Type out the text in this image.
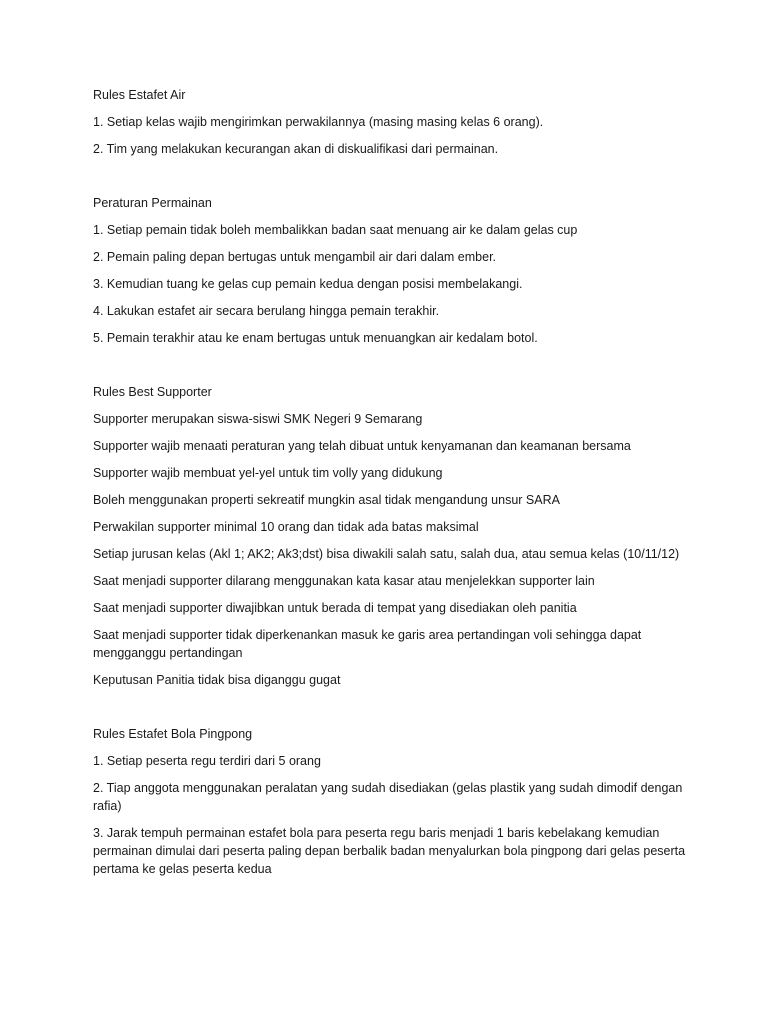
Rules Estafet Air

1. Setiap kelas wajib mengirimkan perwakilannya (masing masing kelas 6 orang).

2. Tim yang melakukan kecurangan akan di diskualifikasi dari permainan.

Peraturan Permainan

1. Setiap pemain tidak boleh membalikkan badan saat menuang air ke dalam gelas cup

2. Pemain paling depan bertugas untuk mengambil air dari dalam ember.

3. Kemudian tuang ke gelas cup pemain kedua dengan posisi membelakangi.

4. Lakukan estafet air secara berulang hingga pemain terakhir.

5. Pemain terakhir atau ke enam bertugas untuk menuangkan air kedalam botol.

Rules Best Supporter

Supporter merupakan siswa-siswi SMK Negeri 9 Semarang

Supporter wajib menaati peraturan yang telah dibuat untuk kenyamanan dan keamanan bersama

Supporter wajib membuat yel-yel untuk tim volly yang didukung

Boleh menggunakan properti sekreatif mungkin asal tidak mengandung unsur SARA

Perwakilan supporter minimal 10 orang dan tidak ada batas maksimal

Setiap jurusan kelas (Akl 1; AK2; Ak3;dst) bisa diwakili salah satu, salah dua, atau semua kelas (10/11/12)

Saat menjadi supporter dilarang menggunakan kata kasar atau menjelekkan supporter lain

Saat menjadi supporter diwajibkan untuk berada di tempat yang disediakan oleh panitia

Saat menjadi supporter tidak diperkenankan masuk ke garis area pertandingan voli sehingga dapat mengganggu pertandingan

Keputusan Panitia tidak bisa diganggu gugat

Rules Estafet Bola Pingpong

1. Setiap peserta regu terdiri dari 5 orang

2. Tiap anggota menggunakan peralatan yang sudah disediakan (gelas plastik yang sudah dimodif dengan rafia)

3. Jarak tempuh permainan estafet bola para peserta regu baris menjadi 1 baris kebelakang kemudian permainan dimulai dari peserta paling depan berbalik badan menyalurkan bola pingpong dari gelas peserta pertama ke gelas peserta kedua
